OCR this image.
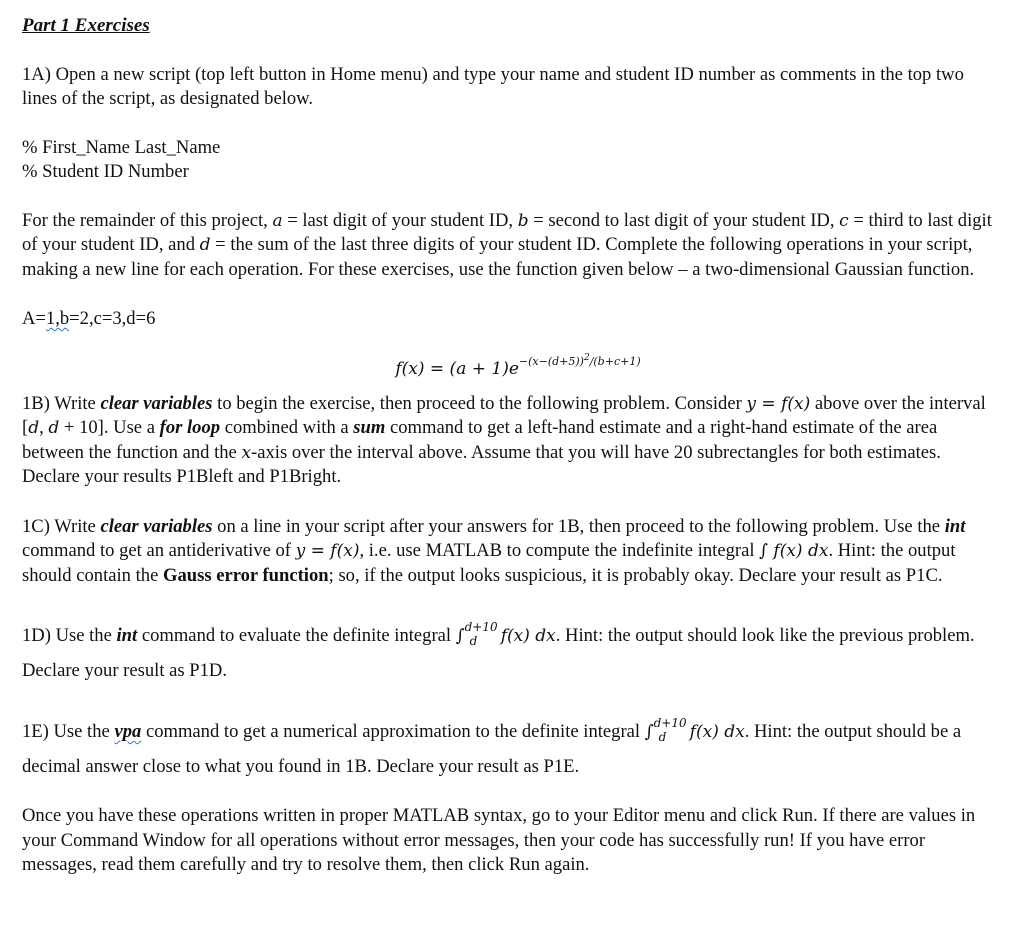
Part 1 Exercises

1A) Open a new script (top left button in Home menu) and type your name and student ID number as comments in the top two lines of the script, as designated below.

% First_Name Last_Name

% Student ID Number

For the remainder of this project, a = last digit of your student ID, b = second to last digit of your student ID, c = third to last digit of your student ID, and d = the sum of the last three digits of your student ID. Complete the following operations in your script, making a new line for each operation. For these exercises, use the function given below – a two-dimensional Gaussian function.

A=1,b=2,c=3,d=6

$f(x) = (a + 1)e^{-(x-(d+5))^2/(b+c+1)}$

1B) Write clear variables to begin the exercise, then proceed to the following problem. Consider y = f(x) above over the interval [d, d + 10]. Use a for loop combined with a sum command to get a left-hand estimate and a right-hand estimate of the area between the function and the x-axis over the interval above. Assume that you will have 20 subrectangles for both estimates. Declare your results P1Bleft and P1Bright.

1C) Write clear variables on a line in your script after your answers for 1B, then proceed to the following problem. Use the int command to get an antiderivative of y = f(x), i.e. use MATLAB to compute the indefinite integral ∫ f(x) dx. Hint: the output should contain the Gauss error function; so, if the output looks suspicious, it is probably okay. Declare your result as P1C.

1D) Use the int command to evaluate the definite integral ∫$^{d+10}_d$ f(x) dx. Hint: the output should look like the previous problem. Declare your result as P1D.

1E) Use the vpa command to get a numerical approximation to the definite integral ∫$^{d+10}_d$ f(x) dx. Hint: the output should be a decimal answer close to what you found in 1B. Declare your result as P1E.

Once you have these operations written in proper MATLAB syntax, go to your Editor menu and click Run. If there are values in your Command Window for all operations without error messages, then your code has successfully run! If you have error messages, read them carefully and try to resolve them, then click Run again.
